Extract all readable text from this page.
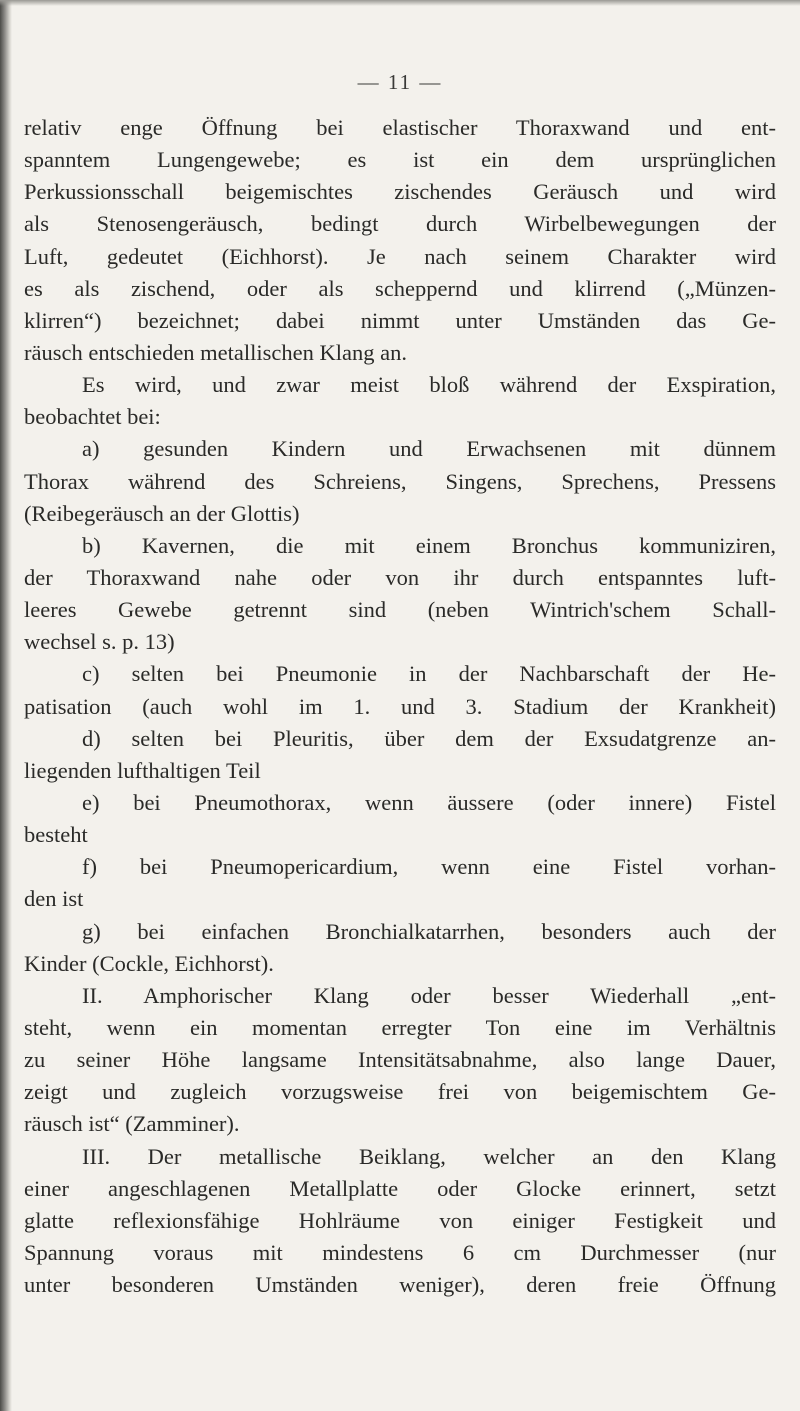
— 11 —
relativ enge Öffnung bei elastischer Thoraxwand und ent-
spanntem Lungengewebe; es ist ein dem ursprünglichen
Perkussionsschall beigemischtes zischendes Geräusch und wird
als Stenosengeräusch, bedingt durch Wirbelbewegungen der
Luft, gedeutet (Eichhorst). Je nach seinem Charakter wird
es als zischend, oder als scheppernd und klirrend („Münzen-
klirren“) bezeichnet; dabei nimmt unter Umständen das Ge-
räusch entschieden metallischen Klang an.
Es wird, und zwar meist bloß während der Exspiration,
beobachtet bei:
a) gesunden Kindern und Erwachsenen mit dünnem
Thorax während des Schreiens, Singens, Sprechens, Pressens
(Reibegeräusch an der Glottis)
b) Kavernen, die mit einem Bronchus kommuniziren,
der Thoraxwand nahe oder von ihr durch entspanntes luft-
leeres Gewebe getrennt sind (neben Wintrich'schem Schall-
wechsel s. p. 13)
c) selten bei Pneumonie in der Nachbarschaft der He-
patisation (auch wohl im 1. und 3. Stadium der Krankheit)
d) selten bei Pleuritis, über dem der Exsudatgrenze an-
liegenden lufthaltigen Teil
e) bei Pneumothorax, wenn äussere (oder innere) Fistel
besteht
f) bei Pneumopericardium, wenn eine Fistel vorhan-
den ist
g) bei einfachen Bronchialkatarrhen, besonders auch der
Kinder (Cockle, Eichhorst).
II. Amphorischer Klang oder besser Wiederhall „ent-
steht, wenn ein momentan erregter Ton eine im Verhältnis
zu seiner Höhe langsame Intensitätsabnahme, also lange Dauer,
zeigt und zugleich vorzugsweise frei von beigemischtem Ge-
räusch ist“ (Zamminer).
III. Der metallische Beiklang, welcher an den Klang
einer angeschlagenen Metallplatte oder Glocke erinnert, setzt
glatte reflexionsfähige Hohlräume von einiger Festigkeit und
Spannung voraus mit mindestens 6 cm Durchmesser (nur
unter besonderen Umständen weniger), deren freie Öffnung
